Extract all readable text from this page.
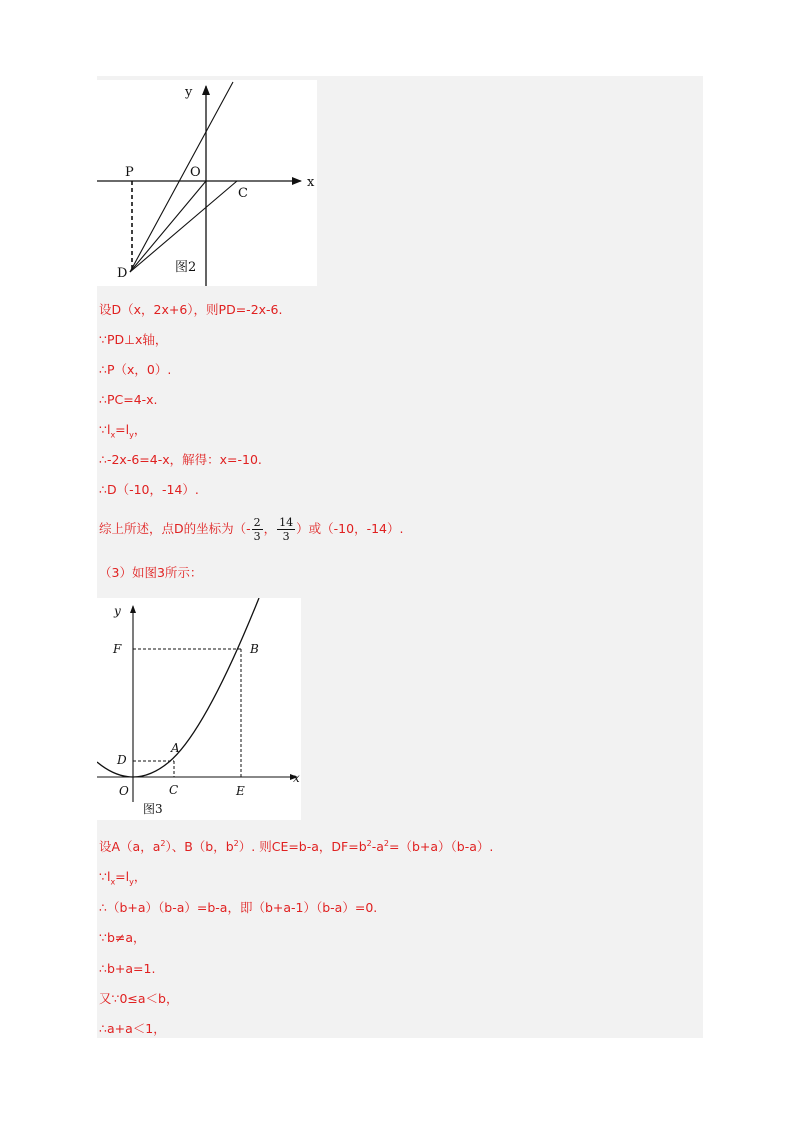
y
x
P	O
C
D	图2
设D（x，2x+6），则PD=-2x-6.
∵PD⊥x轴，
∴P（x，0）.
∴PC=4-x.
$\because l_x=l_y$，
∴-2x-6=4-x，解得：x=-10.
∴D（-10，-14）.
综上所述，点D的坐标为（- $\frac{2}{3}$ ， $\frac{14}{3}$ ）或（-10，-14）.
（3）如图3所示：
y
x
F	B
D
A
O	C	E
图3
设A（a，$a^2$）、B（b，$b^2$）. 则CE=b-a，$DF=b^2-a^2=(b+a)(b-a)$.
$\because l_x=l_y$，
∴（b+a）（b-a）=b-a，即（b+a-1）（b-a）=0.
∵b≠a，
∴b+a=1.
又∵0≤a＜b，
∴a+a＜1，
